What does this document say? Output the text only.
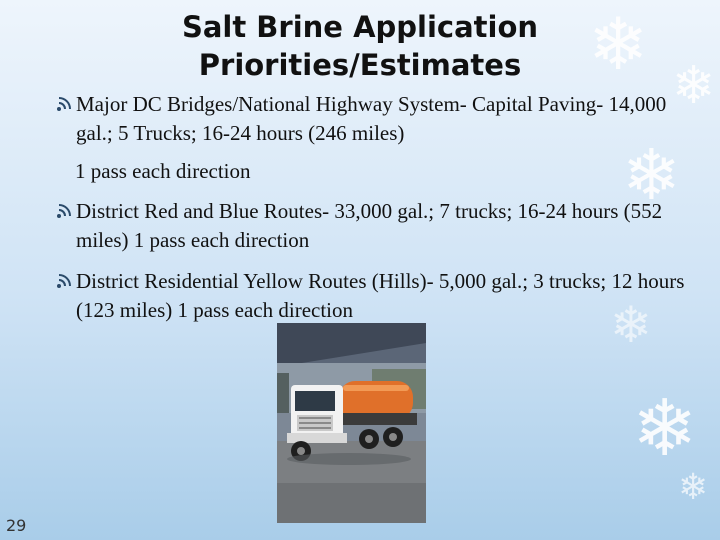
❄ ❄
❄
❄
❄
❄
Salt Brine Application
Priorities/Estimates
Major DC Bridges/National Highway System- Capital Paving- 14,000 gal.; 5 Trucks; 16-24 hours (246 miles)
1 pass each direction
District Red and Blue Routes- 33,000 gal.; 7 trucks; 16-24 hours (552 miles) 1 pass each direction
District Residential Yellow Routes (Hills)- 5,000 gal.; 3 trucks; 12 hours (123 miles) 1 pass each direction
29
